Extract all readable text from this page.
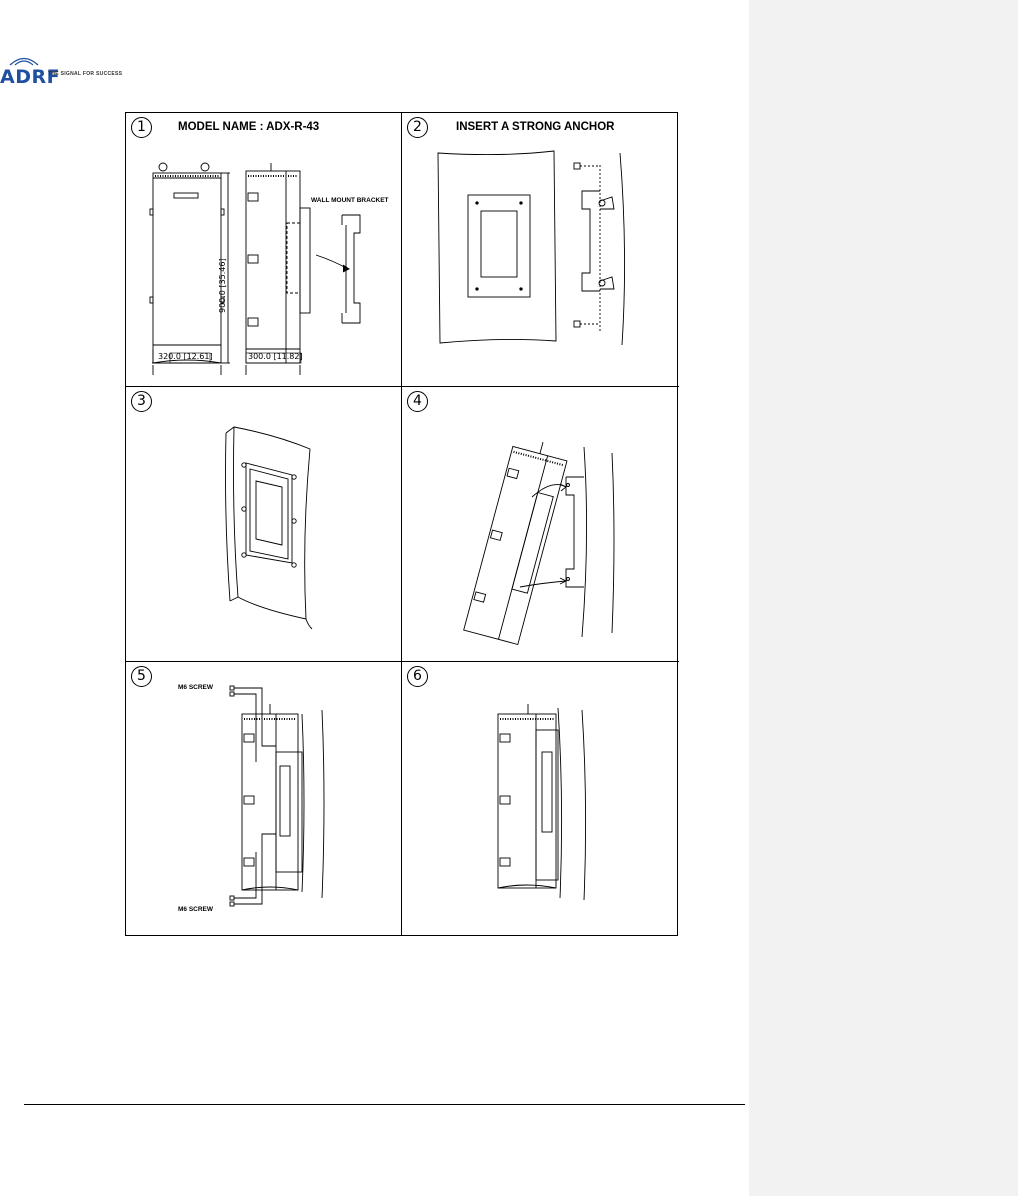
ADRF
THE SIGNAL FOR SUCCESS
1	MODEL NAME : ADX-R-43
WALL MOUNT BRACKET
900.0 [35.46]
320.0 [12.61]	300.0 [11.82]
2	INSERT A STRONG ANCHOR
3	4
5
M6 SCREW
M6 SCREW
6
